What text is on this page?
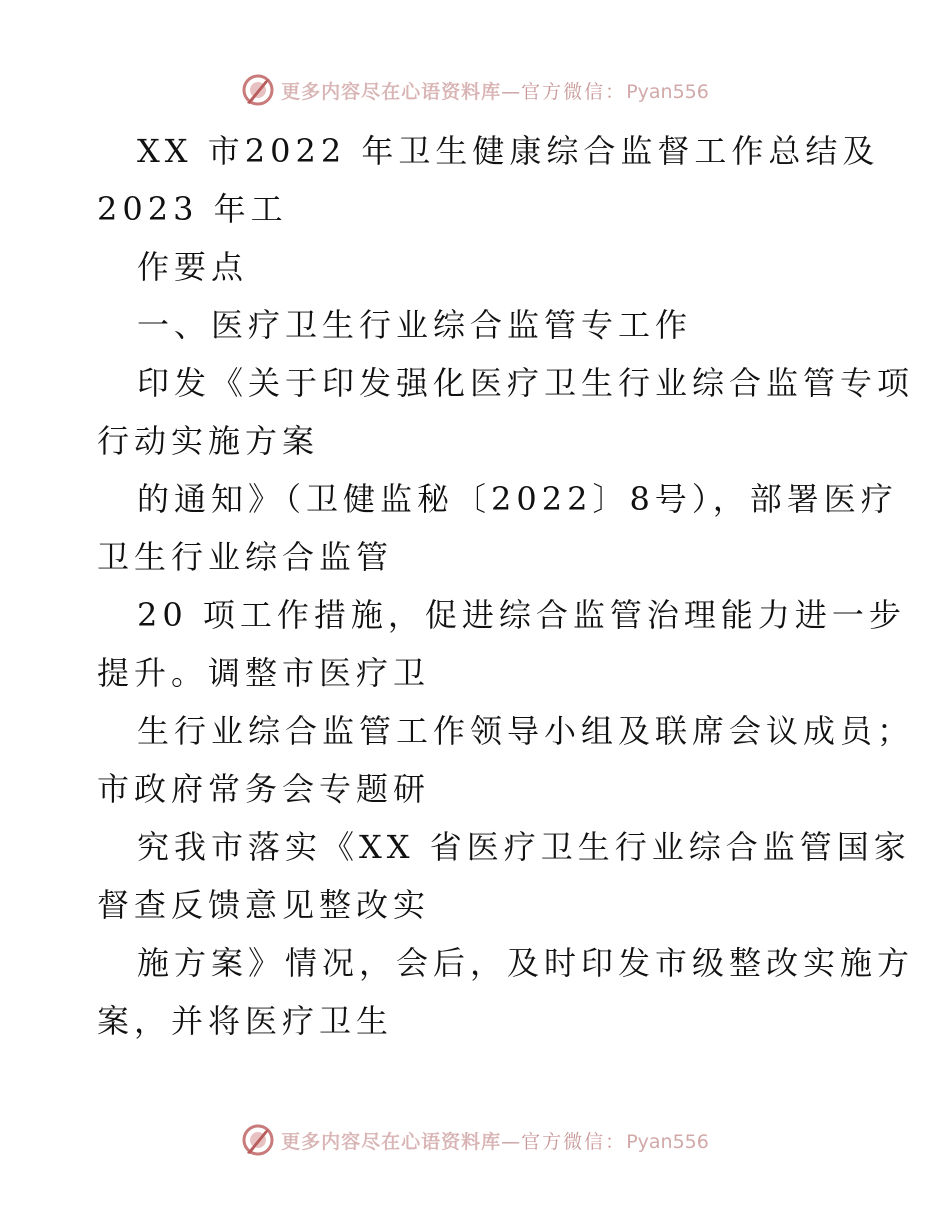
更多内容尽在心语资料库—官方微信：Pyan556
XX 市2022 年卫生健康综合监督工作总结及
2023 年工
作要点
一、医疗卫生行业综合监管专工作
印发《关于印发强化医疗卫生行业综合监管专项
行动实施方案
的通知》（卫健监秘〔2022〕8号），部署医疗
卫生行业综合监管
20 项工作措施，促进综合监管治理能力进一步
提升。调整市医疗卫
生行业综合监管工作领导小组及联席会议成员；
市政府常务会专题研
究我市落实《XX 省医疗卫生行业综合监管国家
督查反馈意见整改实
施方案》情况，会后，及时印发市级整改实施方
案，并将医疗卫生
更多内容尽在心语资料库—官方微信：Pyan556
